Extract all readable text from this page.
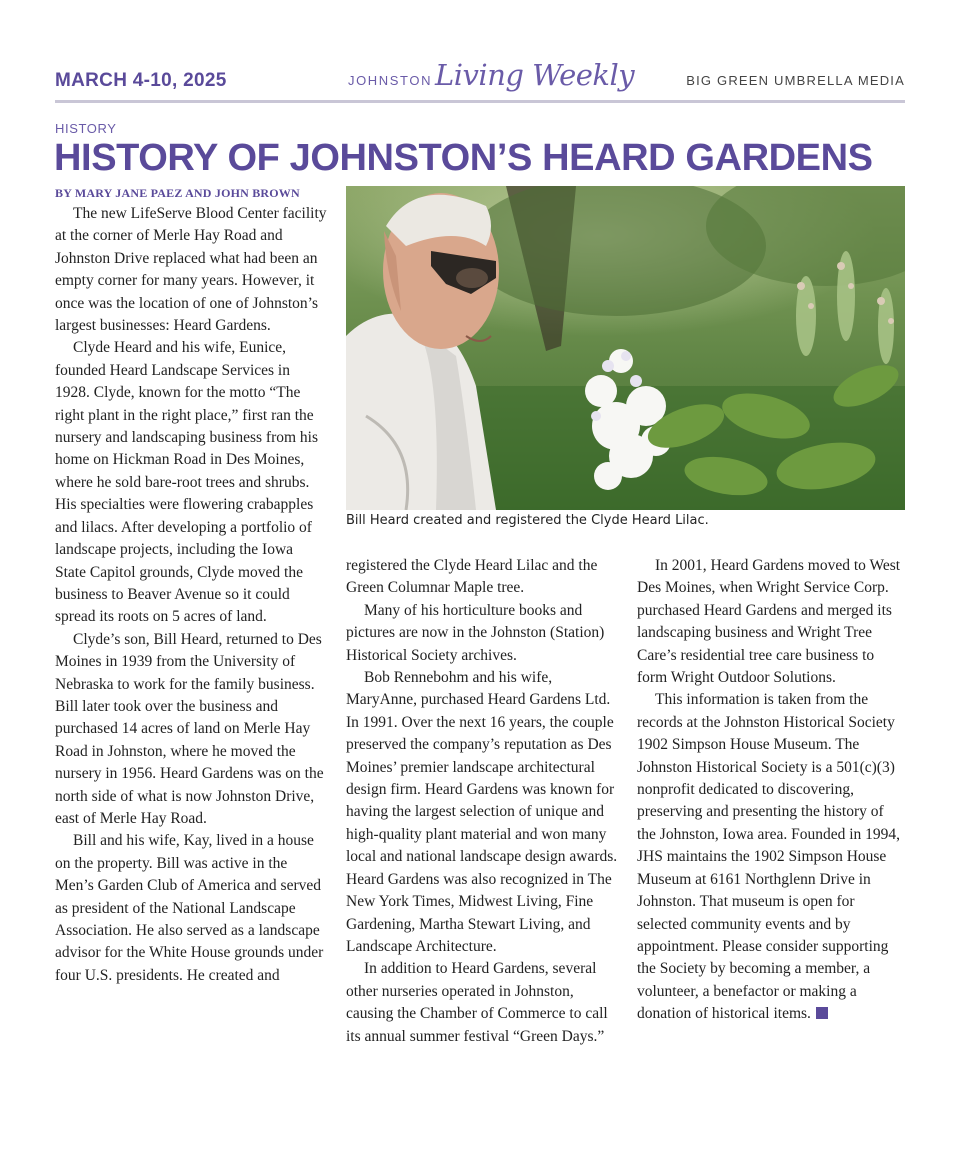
MARCH 4-10, 2025	JOHNSTON Living Weekly	BIG GREEN UMBRELLA MEDIA
HISTORY
HISTORY OF JOHNSTON’S HEARD GARDENS
BY MARY JANE PAEZ AND JOHN BROWN

The new LifeServe Blood Center facility at the corner of Merle Hay Road and Johnston Drive replaced what had been an empty corner for many years. However, it once was the location of one of Johnston’s largest businesses: Heard Gardens.

Clyde Heard and his wife, Eunice, founded Heard Landscape Services in 1928. Clyde, known for the motto “The right plant in the right place,” first ran the nursery and landscaping business from his home on Hickman Road in Des Moines, where he sold bare-root trees and shrubs. His specialties were flowering crabapples and lilacs. After developing a portfolio of landscape projects, including the Iowa State Capitol grounds, Clyde moved the business to Beaver Avenue so it could spread its roots on 5 acres of land.

Clyde’s son, Bill Heard, returned to Des Moines in 1939 from the University of Nebraska to work for the family business. Bill later took over the business and purchased 14 acres of land on Merle Hay Road in Johnston, where he moved the nursery in 1956. Heard Gardens was on the north side of what is now Johnston Drive, east of Merle Hay Road.

Bill and his wife, Kay, lived in a house on the property. Bill was active in the Men’s Garden Club of America and served as president of the National Landscape Association. He also served as a landscape advisor for the White House grounds under four U.S. presidents. He created and

Bill Heard created and registered the Clyde Heard Lilac.

registered the Clyde Heard Lilac and the Green Columnar Maple tree.

Many of his horticulture books and pictures are now in the Johnston (Station) Historical Society archives.

Bob Rennebohm and his wife, MaryAnne, purchased Heard Gardens Ltd. In 1991. Over the next 16 years, the couple preserved the company’s reputation as Des Moines’ premier landscape architectural design firm. Heard Gardens was known for having the largest selection of unique and high-quality plant material and won many local and national landscape design awards. Heard Gardens was also recognized in The New York Times, Midwest Living, Fine Gardening, Martha Stewart Living, and Landscape Architecture.

In addition to Heard Gardens, several other nurseries operated in Johnston, causing the Chamber of Commerce to call its annual summer festival “Green Days.”

In 2001, Heard Gardens moved to West Des Moines, when Wright Service Corp. purchased Heard Gardens and merged its landscaping business and Wright Tree Care’s residential tree care business to form Wright Outdoor Solutions.

This information is taken from the records at the Johnston Historical Society 1902 Simpson House Museum. The Johnston Historical Society is a 501(c)(3) nonprofit dedicated to discovering, preserving and presenting the history of the Johnston, Iowa area. Founded in 1994, JHS maintains the 1902 Simpson House Museum at 6161 Northglenn Drive in Johnston. That museum is open for selected community events and by appointment. Please consider supporting the Society by becoming a member, a volunteer, a benefactor or making a donation of historical items.
